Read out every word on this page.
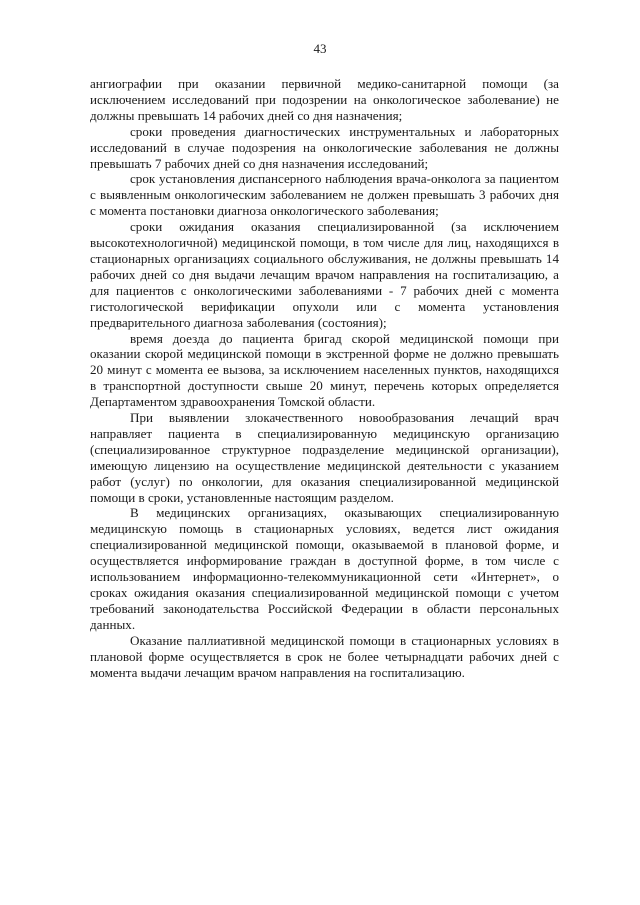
43

ангиографии при оказании первичной медико-санитарной помощи (за исключением исследований при подозрении на онкологическое заболевание) не должны превышать 14 рабочих дней со дня назначения;

сроки проведения диагностических инструментальных и лабораторных исследований в случае подозрения на онкологические заболевания не должны превышать 7 рабочих дней со дня назначения исследований;

срок установления диспансерного наблюдения врача-онколога за пациентом с выявленным онкологическим заболеванием не должен превышать 3 рабочих дня с момента постановки диагноза онкологического заболевания;

сроки ожидания оказания специализированной (за исключением высокотехнологичной) медицинской помощи, в том числе для лиц, находящихся в стационарных организациях социального обслуживания, не должны превышать 14 рабочих дней со дня выдачи лечащим врачом направления на госпитализацию, а для пациентов с онкологическими заболеваниями - 7 рабочих дней с момента гистологической верификации опухоли или с момента установления предварительного диагноза заболевания (состояния);

время доезда до пациента бригад скорой медицинской помощи при оказании скорой медицинской помощи в экстренной форме не должно превышать 20 минут с момента ее вызова, за исключением населенных пунктов, находящихся в транспортной доступности свыше 20 минут, перечень которых определяется Департаментом здравоохранения Томской области.

При выявлении злокачественного новообразования лечащий врач направляет пациента в специализированную медицинскую организацию (специализированное структурное подразделение медицинской организации), имеющую лицензию на осуществление медицинской деятельности с указанием работ (услуг) по онкологии, для оказания специализированной медицинской помощи в сроки, установленные настоящим разделом.

В медицинских организациях, оказывающих специализированную медицинскую помощь в стационарных условиях, ведется лист ожидания специализированной медицинской помощи, оказываемой в плановой форме, и осуществляется информирование граждан в доступной форме, в том числе с использованием информационно-телекоммуникационной сети «Интернет», о сроках ожидания оказания специализированной медицинской помощи с учетом требований законодательства Российской Федерации в области персональных данных.

Оказание паллиативной медицинской помощи в стационарных условиях в плановой форме осуществляется в срок не более четырнадцати рабочих дней с момента выдачи лечащим врачом направления на госпитализацию.
